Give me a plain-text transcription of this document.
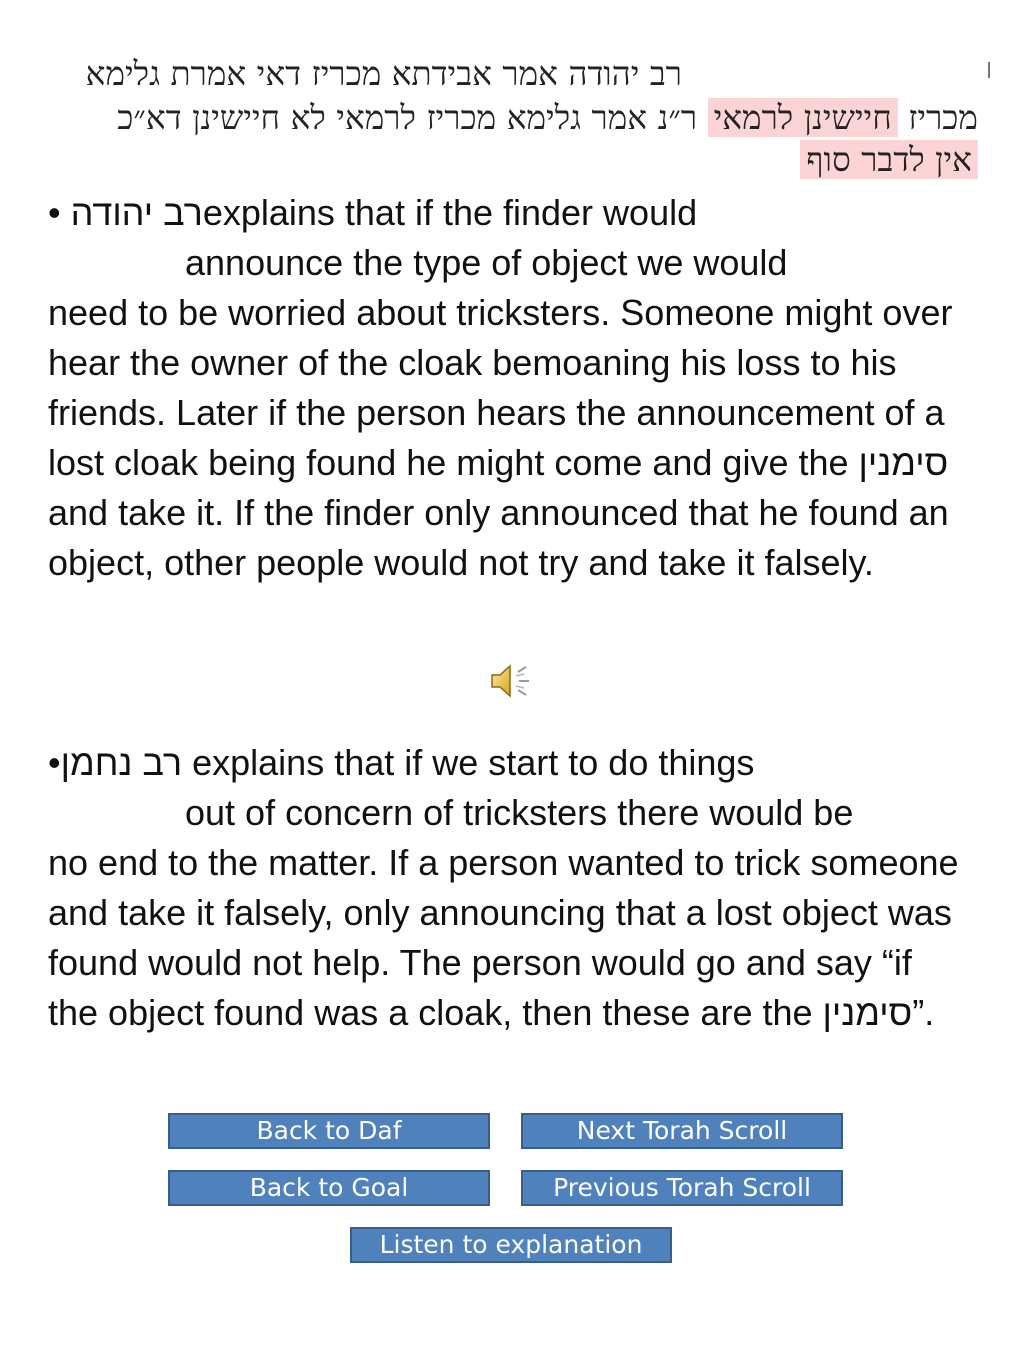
רב יהודה אמר אבידתא מכריז דאי אמרת גלימא
מכריז חיישינן לרמאי ר״נ אמר גלימא מכריז לרמאי לא חיישינן דא״כ
אין לדבר סוף

• רב יהודהexplains that if the finder would

announce the type of object we would

need to be worried about tricksters. Someone might over hear the owner of the cloak bemoaning his loss to his friends. Later if the person hears the announcement of a lost cloak being found he might come and give the סימנין and take it. If the finder only announced that he found an object, other people would not try and take it falsely.

•רב נחמן explains that if we start to do things

out of concern of tricksters there would be

no end to the matter. If a person wanted to trick someone and take it falsely, only announcing that a lost object was found would not help. The person would go and say “if the object found was a cloak, then these are the סימנין”.

Back to Daf	Next Torah Scroll
Back to Goal	Previous Torah Scroll
Listen to explanation
